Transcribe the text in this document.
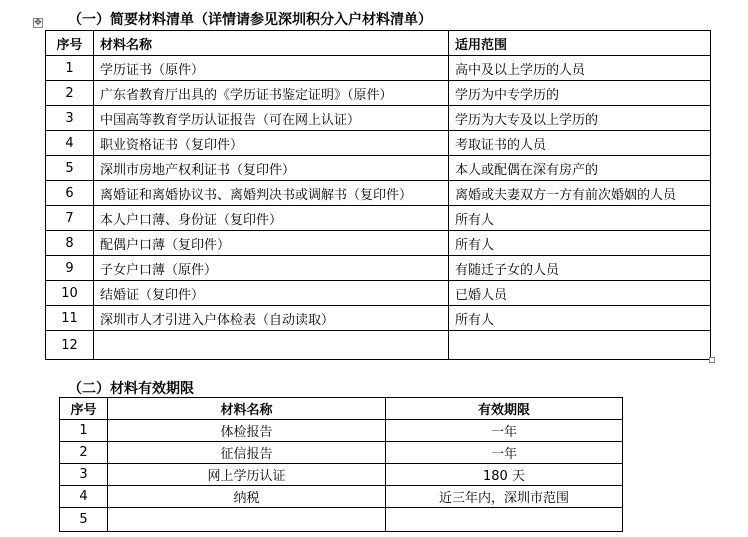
✥ （一）简要材料清单（详情请参见深圳积分入户材料清单）
序号	材料名称	适用范围
1	学历证书（原件）	高中及以上学历的人员
2	广东省教育厅出具的《学历证书鉴定证明》（原件）	学历为中专学历的
3	中国高等教育学历认证报告（可在网上认证）	学历为大专及以上学历的
4	职业资格证书（复印件）	考取证书的人员
5	深圳市房地产权利证书（复印件）	本人或配偶在深有房产的
6	离婚证和离婚协议书、离婚判决书或调解书（复印件）	离婚或夫妻双方一方有前次婚姻的人员
7	本人户口薄、身份证（复印件）	所有人
8	配偶户口薄（复印件）	所有人
9	子女户口薄（原件）	有随迁子女的人员
10	结婚证（复印件）	已婚人员
11	深圳市人才引进入户体检表（自动读取）	所有人
12		
（二）材料有效期限
序号	材料名称	有效期限
1	体检报告	一年
2	征信报告	一年
3	网上学历认证	180 天
4	纳税	近三年内，深圳市范围
5		
